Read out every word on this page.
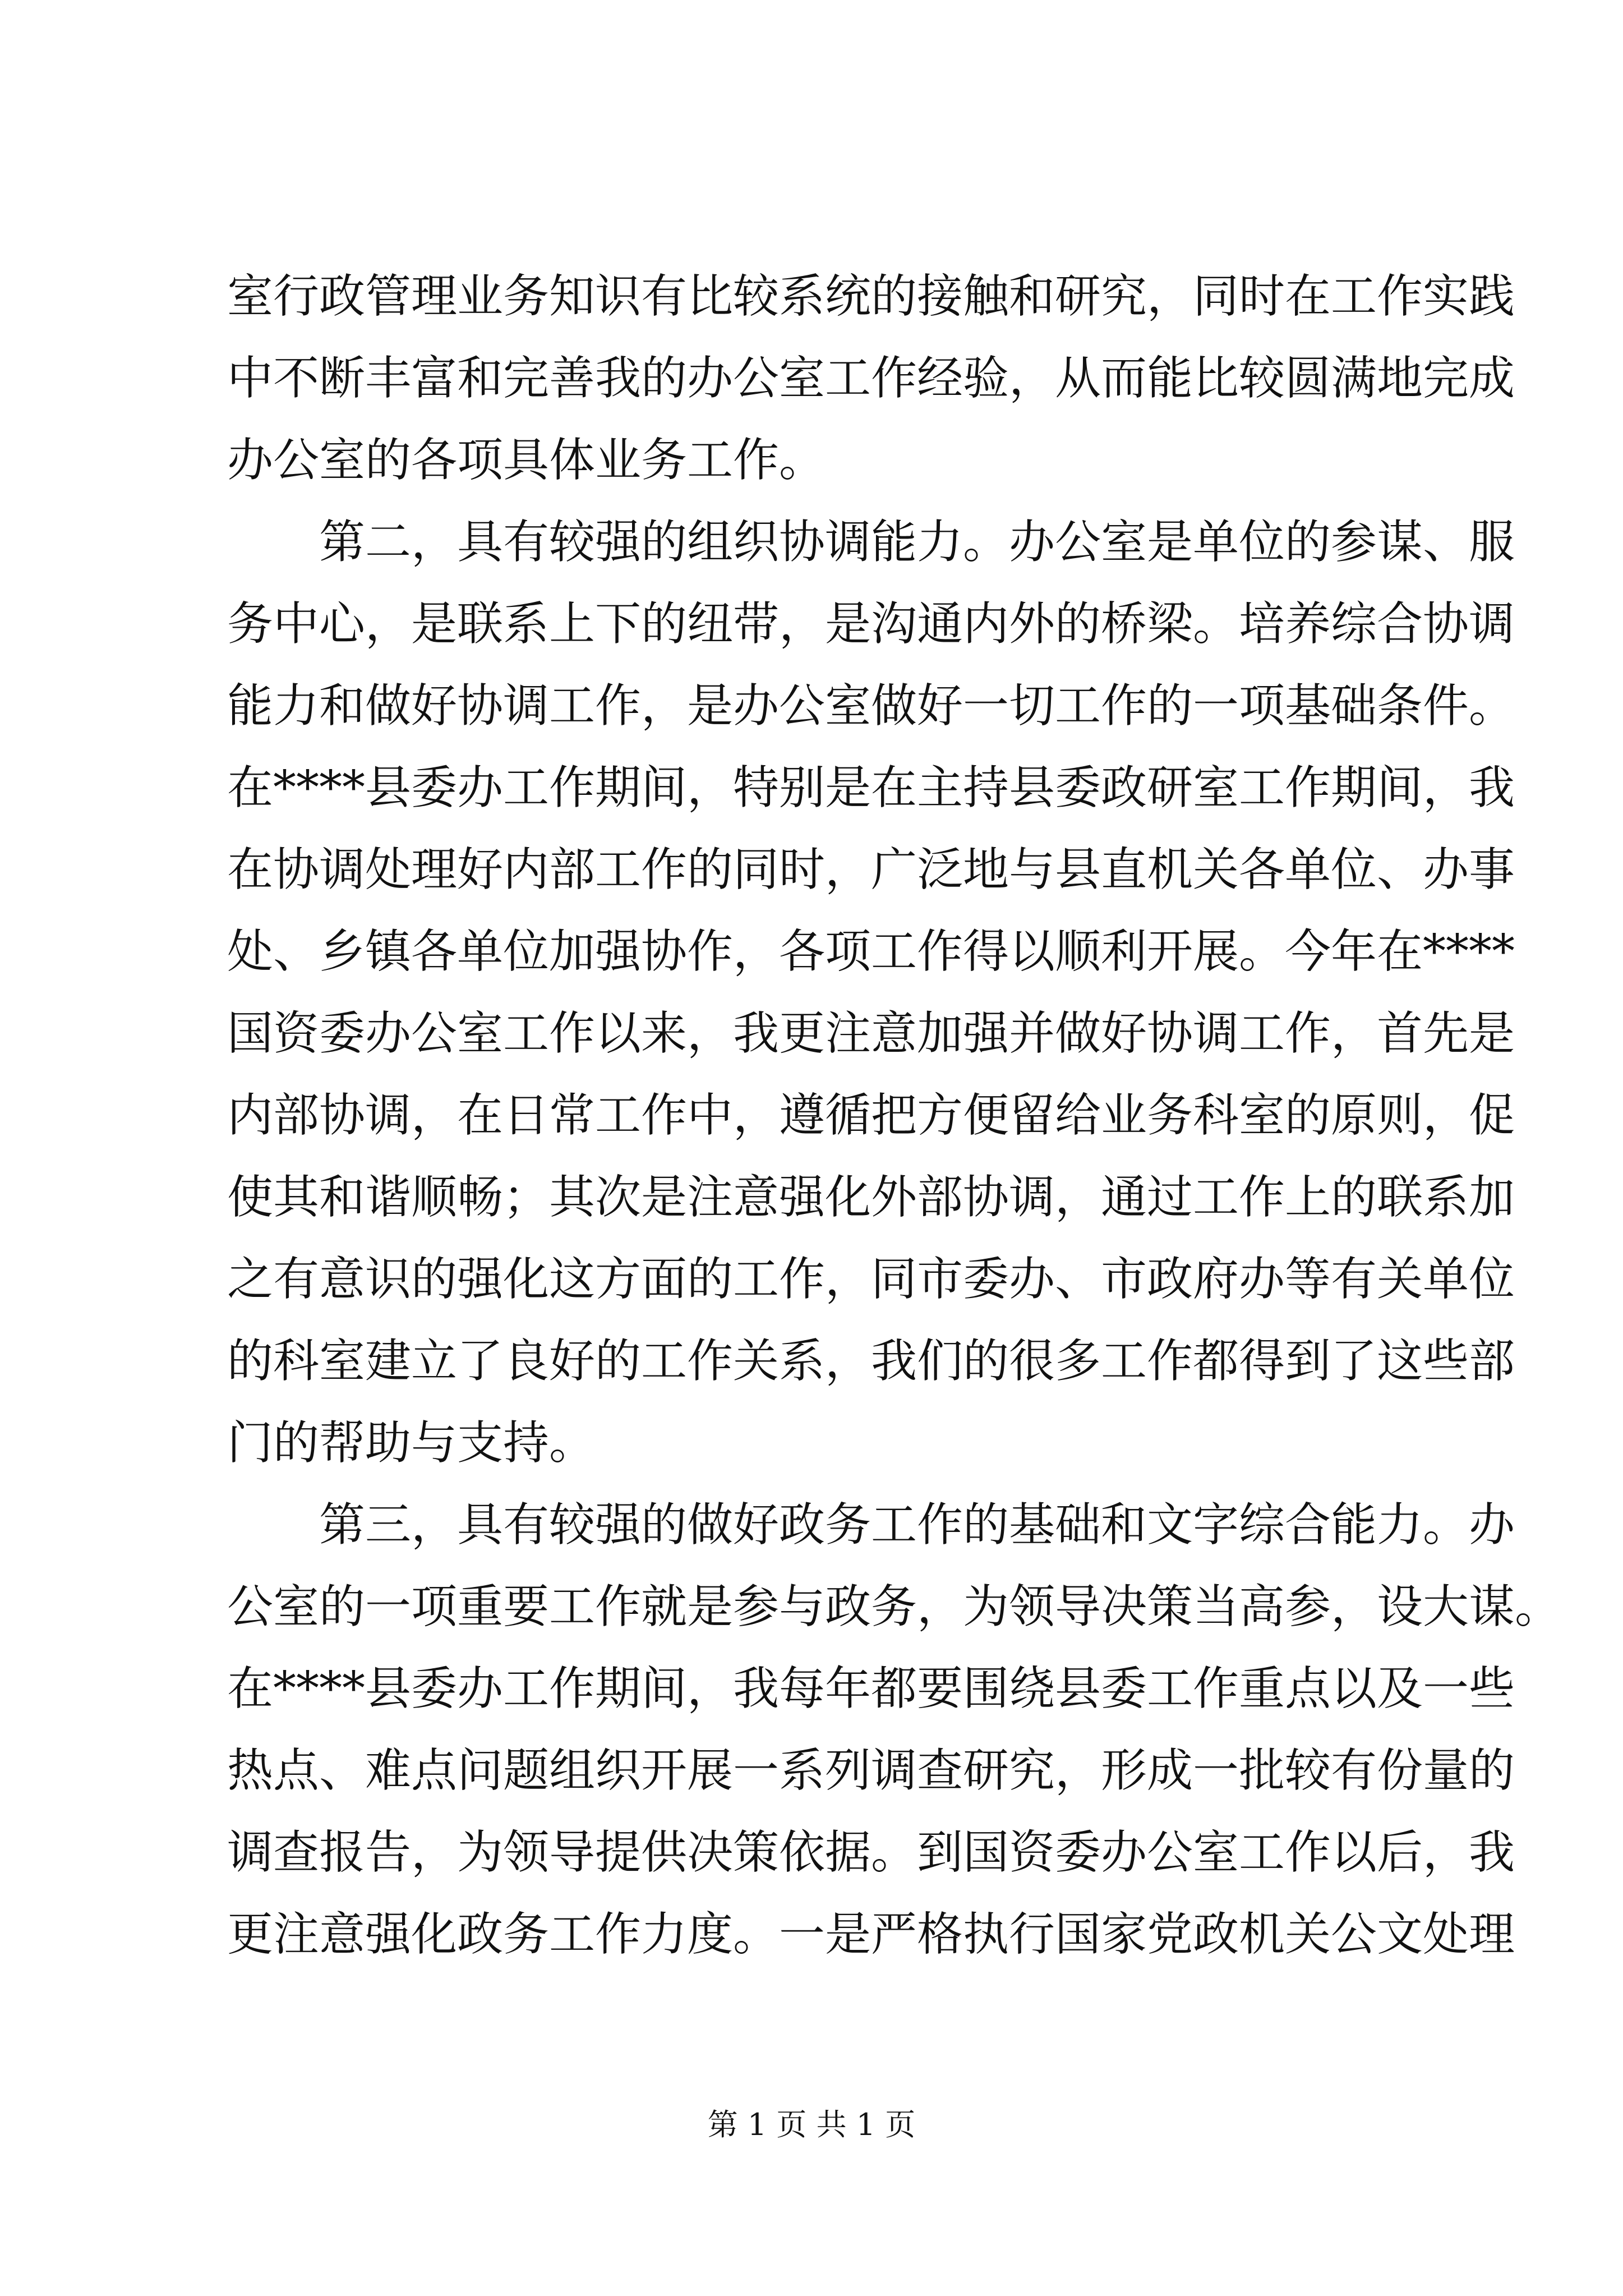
室行政管理业务知识有比较系统的接触和研究，同时在工作实践
中不断丰富和完善我的办公室工作经验，从而能比较圆满地完成
办公室的各项具体业务工作。
第二，具有较强的组织协调能力。办公室是单位的参谋、服
务中心，是联系上下的纽带，是沟通内外的桥梁。培养综合协调
能力和做好协调工作，是办公室做好一切工作的一项基础条件。
在****县委办工作期间，特别是在主持县委政研室工作期间，我
在协调处理好内部工作的同时，广泛地与县直机关各单位、办事
处、乡镇各单位加强协作，各项工作得以顺利开展。今年在****
国资委办公室工作以来，我更注意加强并做好协调工作，首先是
内部协调，在日常工作中，遵循把方便留给业务科室的原则，促
使其和谐顺畅；其次是注意强化外部协调，通过工作上的联系加
之有意识的强化这方面的工作，同市委办、市政府办等有关单位
的科室建立了良好的工作关系，我们的很多工作都得到了这些部
门的帮助与支持。
第三，具有较强的做好政务工作的基础和文字综合能力。办
公室的一项重要工作就是参与政务，为领导决策当高参，设大谋。
在****县委办工作期间，我每年都要围绕县委工作重点以及一些
热点、难点问题组织开展一系列调查研究，形成一批较有份量的
调查报告，为领导提供决策依据。到国资委办公室工作以后，我
更注意强化政务工作力度。一是严格执行国家党政机关公文处理
第 1 页 共 1 页
